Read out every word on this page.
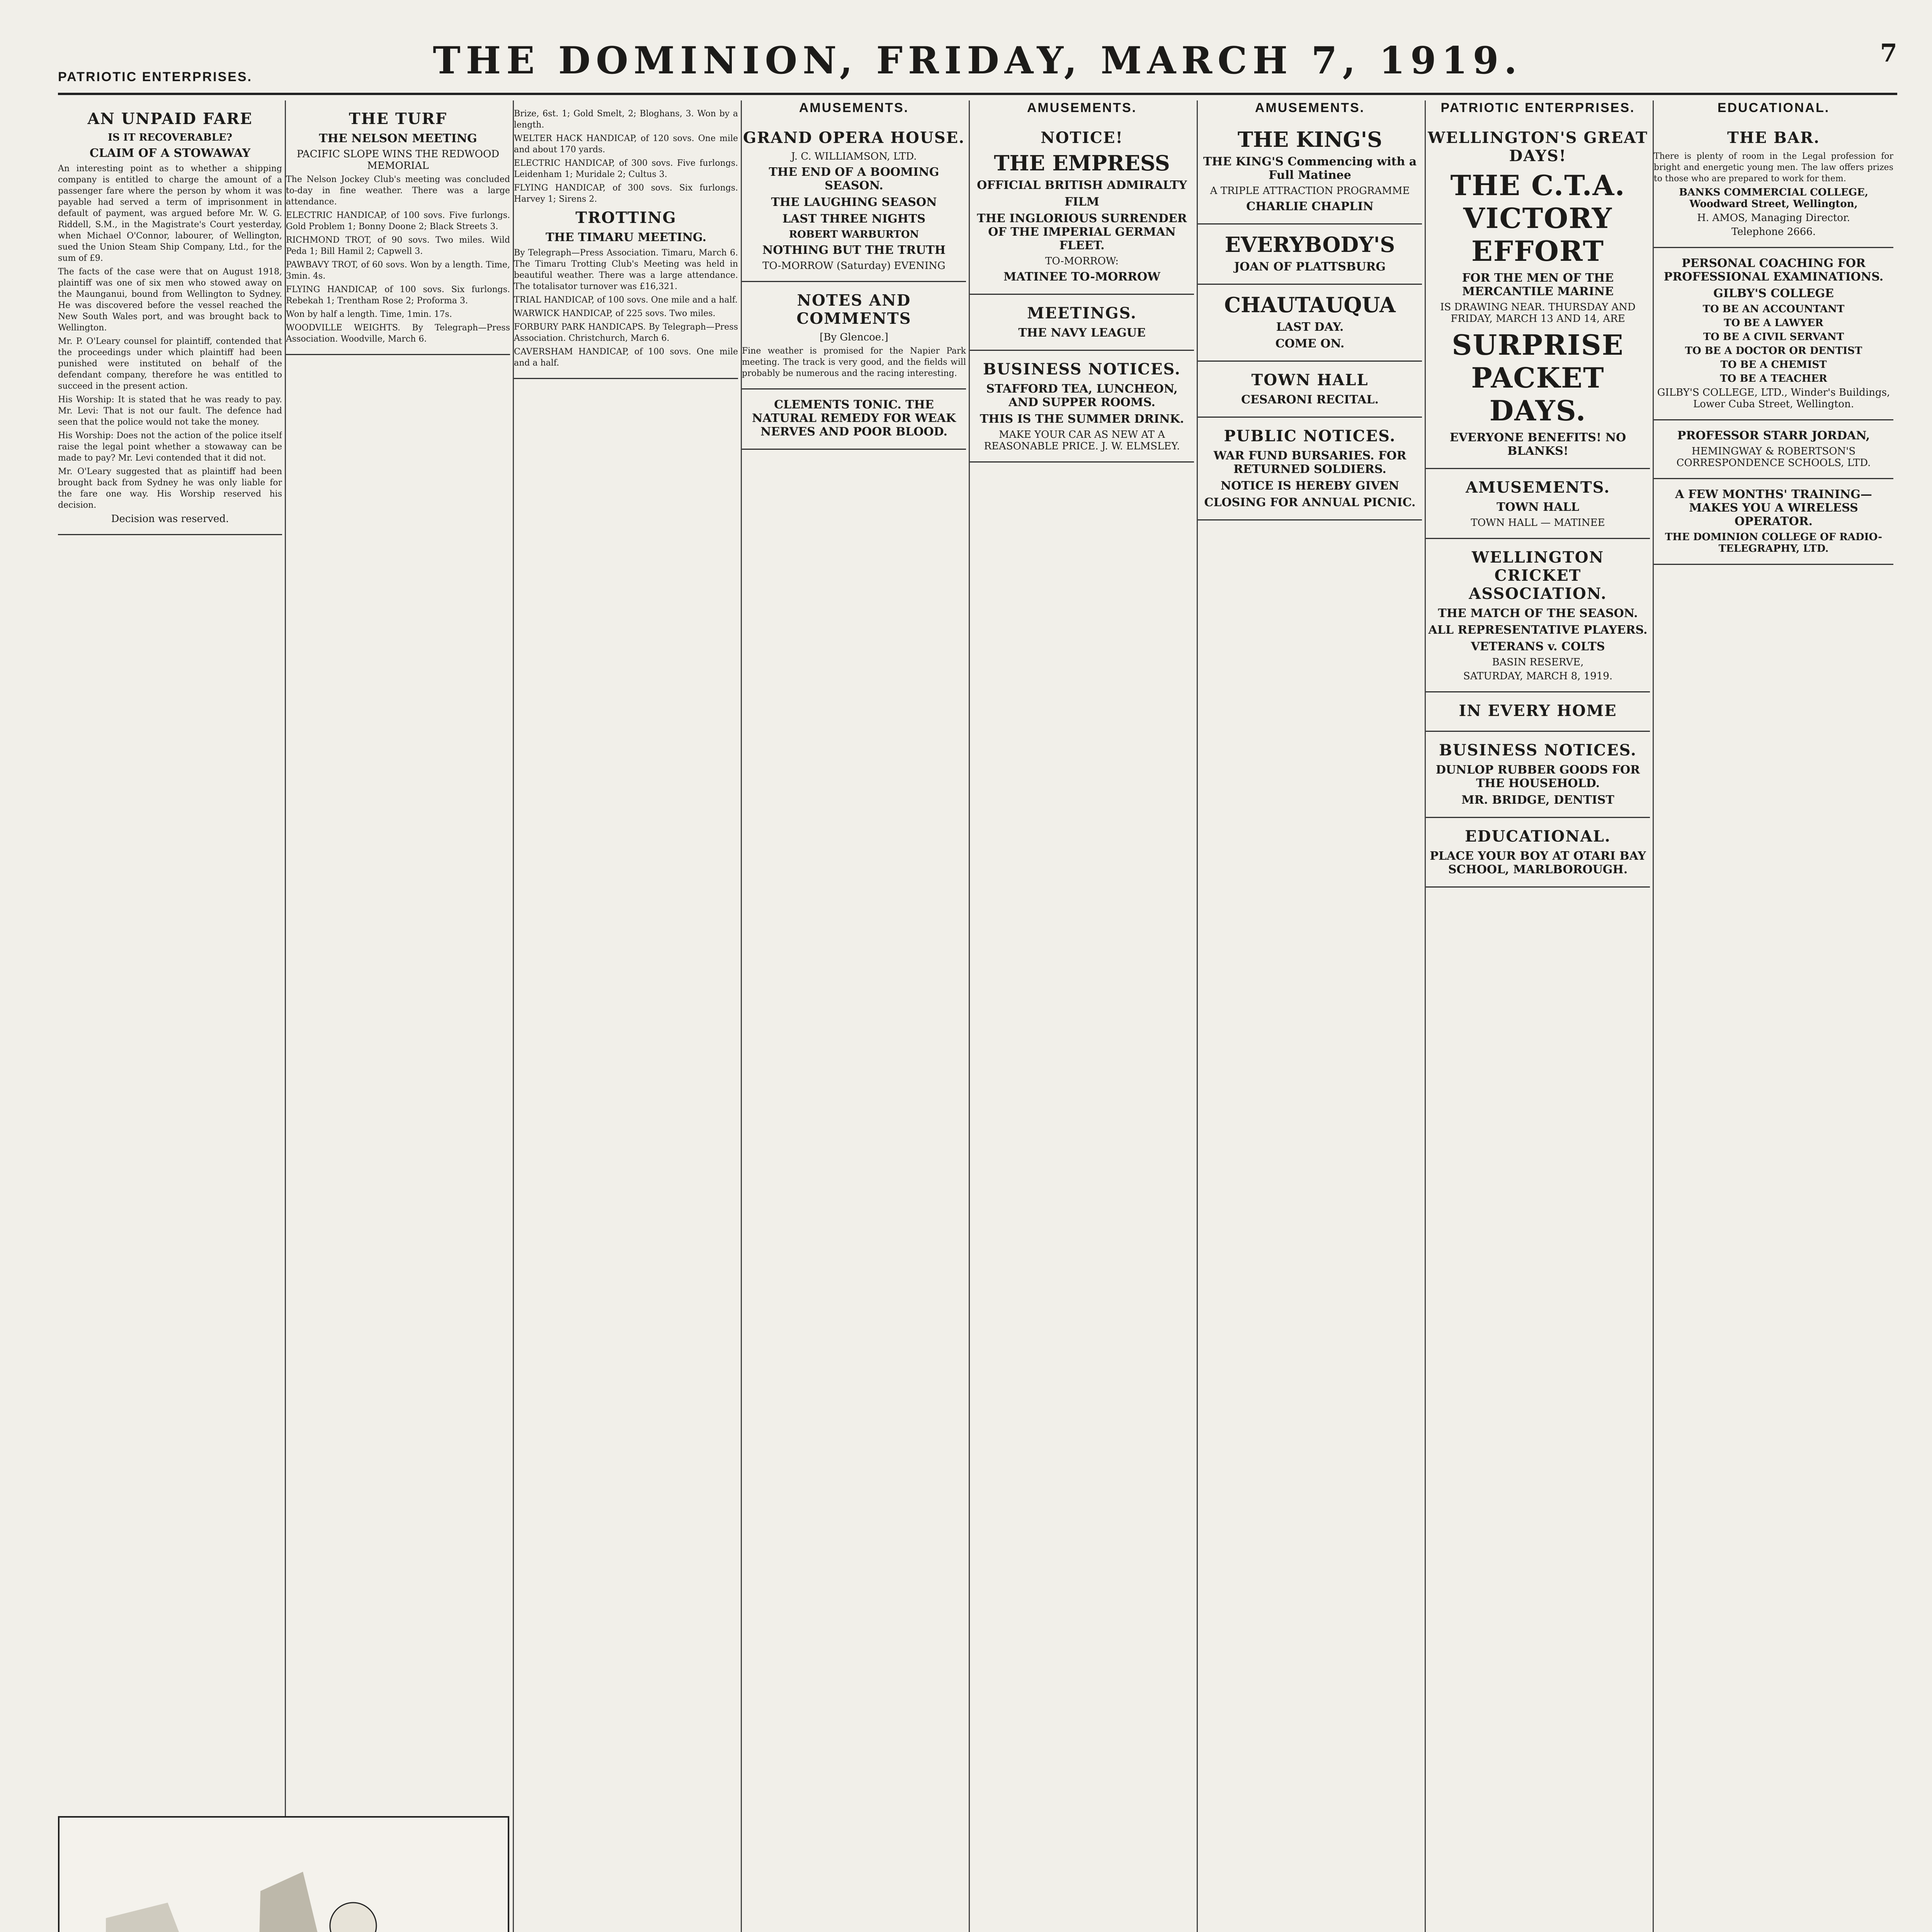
PATRIOTIC ENTERPRISES.	THE DOMINION, FRIDAY, MARCH 7, 1919.	7
AN UNPAID FARE
IS IT RECOVERABLE?
CLAIM OF A STOWAWAY

An interesting point as to whether a shipping company is entitled to charge the amount of a passenger fare where the person by whom it was payable had served a term of imprisonment in default of payment, was argued before Mr. W. G. Riddell, S.M., in the Magistrate's Court yesterday, when Michael O'Connor, labourer, of Wellington, sued the Union Steam Ship Company, Ltd., for the sum of £9.

The facts of the case were that on August 1918, plaintiff was one of six men who stowed away on the Maunganui, bound from Wellington to Sydney. He was discovered before the vessel reached the New South Wales port, and was brought back to Wellington.

Mr. P. O'Leary counsel for plaintiff, contended that the proceedings under which plaintiff had been punished were instituted on behalf of the defendant company, therefore he was entitled to succeed in the present action.

His Worship: It is stated that he was ready to pay. Mr. Levi: That is not our fault. The defence had seen that the police would not take the money.

His Worship: Does not the action of the police itself raise the legal point whether a stowaway can be made to pay? Mr. Levi contended that it did not.

Mr. O'Leary suggested that as plaintiff had been brought back from Sydney he was only liable for the fare one way. His Worship reserved his decision.

Decision was reserved.

THE TURF
THE NELSON MEETING
PACIFIC SLOPE WINS THE REDWOOD MEMORIAL

The Nelson Jockey Club's meeting was concluded to-day in fine weather. There was a large attendance.

ELECTRIC HANDICAP, of 100 sovs. Five furlongs. Gold Problem 1; Bonny Doone 2; Black Streets 3.

RICHMOND TROT, of 90 sovs. Two miles. Wild Peda 1; Bill Hamil 2; Capwell 3.

PAWBAVY TROT, of 60 sovs. Won by a length. Time, 3min. 4s.

FLYING HANDICAP, of 100 sovs. Six furlongs. Rebekah 1; Trentham Rose 2; Proforma 3.

Won by half a length. Time, 1min. 17s.

WOODVILLE WEIGHTS. By Telegraph—Press Association. Woodville, March 6.

Brize, 6st. 1; Gold Smelt, 2; Bloghans, 3. Won by a length.

WELTER HACK HANDICAP, of 120 sovs. One mile and about 170 yards.

ELECTRIC HANDICAP, of 300 sovs. Five furlongs. Leidenham 1; Muridale 2; Cultus 3.

FLYING HANDICAP, of 300 sovs. Six furlongs. Harvey 1; Sirens 2.

TROTTING
THE TIMARU MEETING.

By Telegraph—Press Association. Timaru, March 6. The Timaru Trotting Club's Meeting was held in beautiful weather. There was a large attendance. The totalisator turnover was £16,321.

TRIAL HANDICAP, of 100 sovs. One mile and a half.

WARWICK HANDICAP, of 225 sovs. Two miles.

FORBURY PARK HANDICAPS. By Telegraph—Press Association. Christchurch, March 6.

CAVERSHAM HANDICAP, of 100 sovs. One mile and a half.

AMUSEMENTS.
GRAND OPERA HOUSE.
J. C. WILLIAMSON, LTD.
THE END OF A BOOMING SEASON.
THE LAUGHING SEASON
LAST THREE NIGHTS
ROBERT WARBURTON
NOTHING BUT THE TRUTH
TO-MORROW (Saturday) EVENING
NOTES AND COMMENTS
[By Glencoe.]

Fine weather is promised for the Napier Park meeting. The track is very good, and the fields will probably be numerous and the racing interesting.

CLEMENTS TONIC. THE NATURAL REMEDY FOR WEAK NERVES AND POOR BLOOD.
AMUSEMENTS.
NOTICE!
THE EMPRESS
OFFICIAL BRITISH ADMIRALTY
FILM
THE INGLORIOUS SURRENDER OF THE IMPERIAL GERMAN FLEET.
TO-MORROW:
MATINEE TO-MORROW
MEETINGS.
THE NAVY LEAGUE
BUSINESS NOTICES.
STAFFORD TEA, LUNCHEON, AND SUPPER ROOMS.
THIS IS THE SUMMER DRINK.
MAKE YOUR CAR AS NEW AT A REASONABLE PRICE. J. W. ELMSLEY.
AMUSEMENTS.
THE KING'S
THE KING'S Commencing with a Full Matinee
A TRIPLE ATTRACTION PROGRAMME
CHARLIE CHAPLIN
EVERYBODY'S
JOAN OF PLATTSBURG
CHAUTAUQUA
LAST DAY.
COME ON.
TOWN HALL
CESARONI RECITAL.
PUBLIC NOTICES.
WAR FUND BURSARIES. FOR RETURNED SOLDIERS.
NOTICE IS HEREBY GIVEN
CLOSING FOR ANNUAL PICNIC.
PATRIOTIC ENTERPRISES.
WELLINGTON'S GREAT DAYS!
THE C.T.A. VICTORY EFFORT
FOR THE MEN OF THE MERCANTILE MARINE
IS DRAWING NEAR. THURSDAY AND FRIDAY, MARCH 13 AND 14, ARE
SURPRISE PACKET DAYS.
EVERYONE BENEFITS! NO BLANKS!
AMUSEMENTS.
TOWN HALL
TOWN HALL — MATINEE
WELLINGTON CRICKET ASSOCIATION.
THE MATCH OF THE SEASON.
ALL REPRESENTATIVE PLAYERS.
VETERANS v. COLTS
BASIN RESERVE,
SATURDAY, MARCH 8, 1919.
IN EVERY HOME
BUSINESS NOTICES.
DUNLOP RUBBER GOODS FOR THE HOUSEHOLD.
MR. BRIDGE, DENTIST
EDUCATIONAL.
PLACE YOUR BOY AT OTARI BAY SCHOOL, MARLBOROUGH.
EDUCATIONAL.
THE BAR.

There is plenty of room in the Legal profession for bright and energetic young men. The law offers prizes to those who are prepared to work for them.

BANKS COMMERCIAL COLLEGE, Woodward Street, Wellington,
H. AMOS, Managing Director.
Telephone 2666.
PERSONAL COACHING FOR PROFESSIONAL EXAMINATIONS.
GILBY'S COLLEGE
TO BE AN ACCOUNTANT
TO BE A LAWYER
TO BE A CIVIL SERVANT
TO BE A DOCTOR OR DENTIST
TO BE A CHEMIST
TO BE A TEACHER
GILBY'S COLLEGE, LTD., Winder's Buildings, Lower Cuba Street, Wellington.
PROFESSOR STARR JORDAN,
HEMINGWAY & ROBERTSON'S CORRESPONDENCE SCHOOLS, LTD.
A FEW MONTHS' TRAINING—MAKES YOU A WIRELESS OPERATOR.
THE DOMINION COLLEGE OF RADIO-TELEGRAPHY, LTD.
